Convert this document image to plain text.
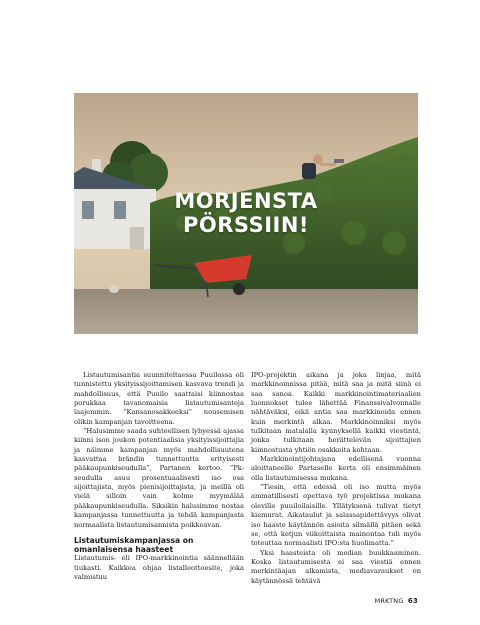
MORJENSTA
PÖRSSIIN!

Listautumisantia suunniteltaessa Puuilossa oli tunnistettu yksityissijoittamisen kasvava trendi ja mahdollisuus, että Puuilo saattaisi kiinnostaa porukkaa tavanomaisia listautumisanteja laajemmin. ”Kansanosakkeeksi” nousemisen olikin kampanjan tavoitteena.

”Halusimme saada suhteellisen lyhyessä ajassa kiinni ison joukon potentiaalisia yksityissijoittajia ja näimme kampanjan myös mahdollisuutena kasvattaa brändin tunnettuutta erityisesti pääkaupunkiseudulla”, Partanen kertoo. ”Pk-seudulla asuu prosentuaalisesti iso osa sijoittajista, myös pienisijoittajista, ja meillä oli vielä silloin vain kolme myymälää pääkaupunkiseudulla. Siksikin halusimme nostaa kampanjassa tunnettuutta ja tehdä kampanjasta normaalista listautumisannista poikkeavan.

Listautumiskampanjassa on omanlaisensa haasteet

Listautumis- eli IPO-markkinointia säännellään tiukasti. Kaikkea ohjaa listalleottoesite, joka valmistuu

IPO-projektin aikana ja joka linjaa, mitä markkinoinnissa pitää, mitä saa ja mitä siinä ei saa sanoa. Kaikki markkinointimateriaalien luonnokset tulee lähettää Finanssivalvonnalle nähtäväksi, eikä antia saa markkinoida ennen kuin merkintä alkaa. Markkinoinniksi myös tulkitaan matalalla kynnyksellä kaikki viestintä, jonka tulkitaan herättelevän sijoittajien kiinnostusta yhtiön osakkeita kohtaan.

Markkinointijohtajana edellisenä vuonna aloittaneelle Partaselle kerta oli ensimmäinen olla listautumisessa mukana.

”Tiesin, että edessä oli iso mutta myös ammatillisesti opettava työ projektissa mukana oleville puuiloilaisille. Yllätyksenä tulivat tietyt kiemurat. Aikataulut ja salassapidettävyys olivat iso haaste käytännön asioita silmällä pitäen sekä se, että ketjun viikoittaista mainontaa tuli myös toteuttaa normaalisti IPO:sta huolimatta.”

Yksi haasteista oli median buukkaaminen. Koska listautumisesta ei saa viestiä ennen merkintäajan alkamista, mediavaraukset on käytännössä tehtävä

MRKTNG 63
